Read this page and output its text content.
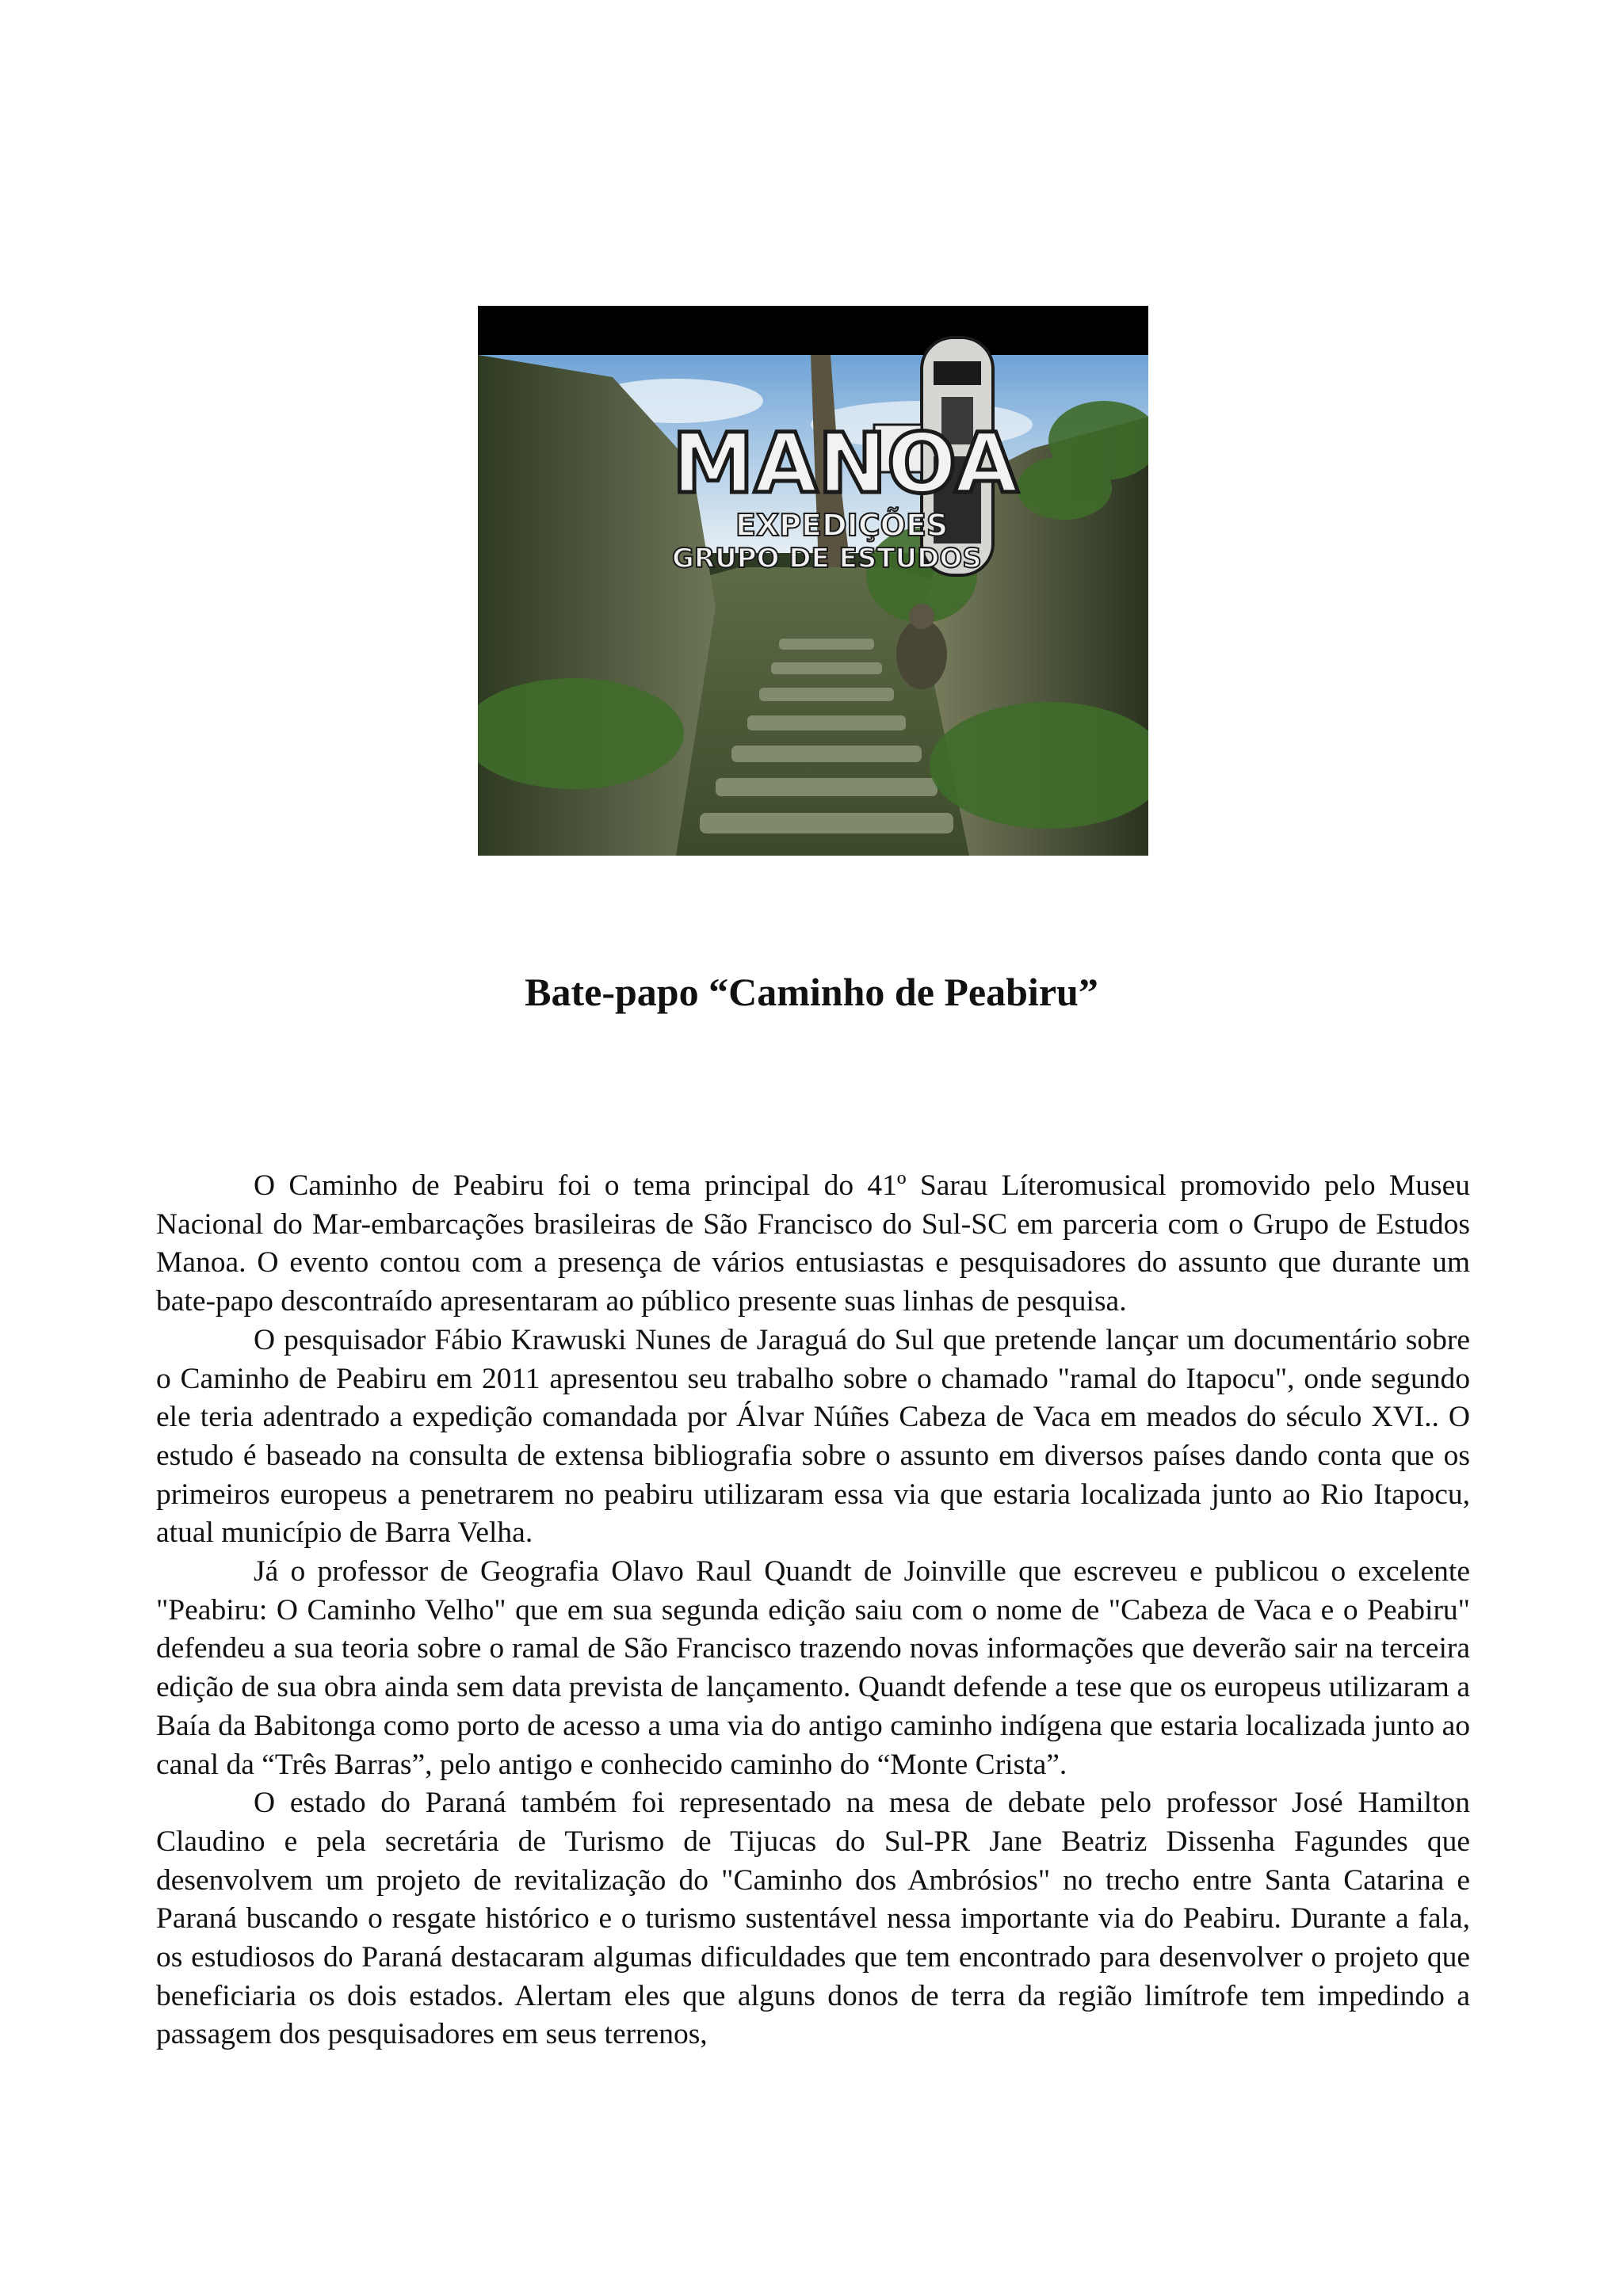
MANOA
EXPEDIÇÕES
GRUPO DE ESTUDOS
Bate-papo “Caminho de Peabiru”

O Caminho de Peabiru foi o tema principal do 41º Sarau Líteromusical promovido pelo Museu Nacional do Mar-embarcações brasileiras de São Francisco do Sul-SC em parceria com o Grupo de Estudos Manoa. O evento contou com a presença de vários entusiastas e pesquisadores do assunto que durante um bate-papo descontraído apresentaram ao público presente suas linhas de pesquisa.

O pesquisador Fábio Krawuski Nunes de Jaraguá do Sul que pretende lançar um documentário sobre o Caminho de Peabiru em 2011 apresentou seu trabalho sobre o chamado "ramal do Itapocu", onde segundo ele teria adentrado a expedição comandada por Álvar Núñes Cabeza de Vaca em meados do século XVI.. O estudo é baseado na consulta de extensa bibliografia sobre o assunto em diversos países dando conta que os primeiros europeus a penetrarem no peabiru utilizaram essa via que estaria localizada junto ao Rio Itapocu, atual município de Barra Velha.

Já o professor de Geografia Olavo Raul Quandt de Joinville que escreveu e publicou o excelente "Peabiru: O Caminho Velho" que em sua segunda edição saiu com o nome de "Cabeza de Vaca e o Peabiru" defendeu a sua teoria sobre o ramal de São Francisco trazendo novas informações que deverão sair na terceira edição de sua obra ainda sem data prevista de lançamento. Quandt defende a tese que os europeus utilizaram a Baía da Babitonga como porto de acesso a uma via do antigo caminho indígena que estaria localizada junto ao canal da “Três Barras”, pelo antigo e conhecido caminho do “Monte Crista”.

O estado do Paraná também foi representado na mesa de debate pelo professor José Hamilton Claudino e pela secretária de Turismo de Tijucas do Sul-PR Jane Beatriz Dissenha Fagundes que desenvolvem um projeto de revitalização do "Caminho dos Ambrósios" no trecho entre Santa Catarina e Paraná buscando o resgate histórico e o turismo sustentável nessa importante via do Peabiru. Durante a fala, os estudiosos do Paraná destacaram algumas dificuldades que tem encontrado para desenvolver o projeto que beneficiaria os dois estados. Alertam eles que alguns donos de terra da região limítrofe tem impedindo a passagem dos pesquisadores em seus terrenos,
